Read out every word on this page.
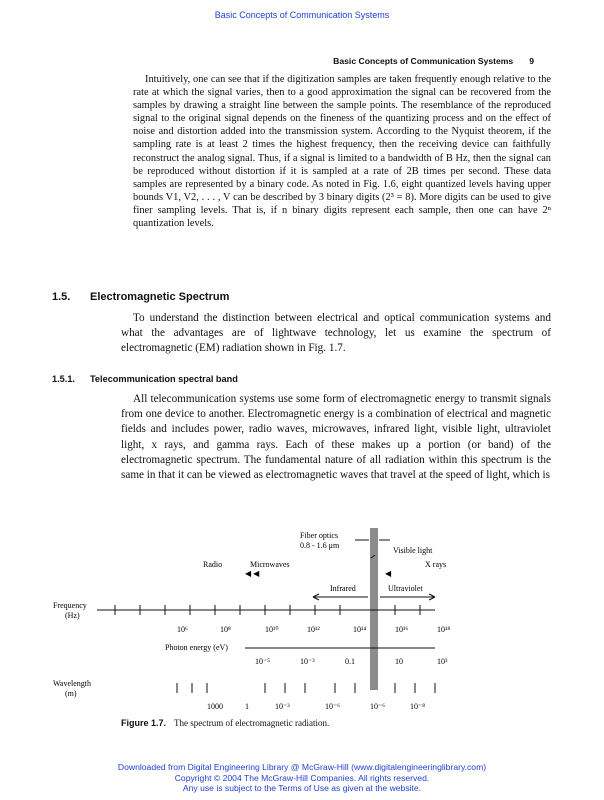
Basic Concepts of Communication Systems
Basic Concepts of Communication Systems 9

Intuitively, one can see that if the digitization samples are taken frequently enough relative to the rate at which the signal varies, then to a good approximation the signal can be recovered from the samples by drawing a straight line between the sample points. The resemblance of the reproduced signal to the original signal depends on the fineness of the quantizing process and on the effect of noise and distortion added into the transmission system. According to the Nyquist theorem, if the sampling rate is at least 2 times the highest frequency, then the receiving device can faithfully reconstruct the analog signal. Thus, if a signal is limited to a bandwidth of B Hz, then the signal can be reproduced without distortion if it is sampled at a rate of 2B times per second. These data samples are represented by a binary code. As noted in Fig. 1.6, eight quantized levels having upper bounds V1, V2, . . . , V can be described by 3 binary digits (2³ = 8). More digits can be used to give finer sampling levels. That is, if n binary digits represent each sample, then one can have 2ⁿ quantization levels.

1.5. Electromagnetic Spectrum

To understand the distinction between electrical and optical communication systems and what the advantages are of lightwave technology, let us examine the spectrum of electromagnetic (EM) radiation shown in Fig. 1.7.

1.5.1. Telecommunication spectral band

All telecommunication systems use some form of electromagnetic energy to transmit signals from one device to another. Electromagnetic energy is a combination of electrical and magnetic fields and includes power, radio waves, microwaves, infrared light, visible light, ultraviolet light, x rays, and gamma rays. Each of these makes up a portion (or band) of the electromagnetic spectrum. The fundamental nature of all radiation within this spectrum is the same in that it can be viewed as electromagnetic waves that travel at the speed of light, which is

Fiber optics
0.8 - 1.6 μm
Visible light
Radio	Microwaves
◀ ◀
X rays
◀
Infrared	Ultraviolet
Frequency
(Hz)
10⁶	10⁸	10¹⁰	10¹²	10¹⁴	10¹⁶	10¹⁸
Photon energy (eV)
10⁻⁵	10⁻³	0.1	10	10³
Wavelength
(m)
1000	1	10⁻³	10⁻⁶	10⁻⁶	10⁻⁸
Figure 1.7. The spectrum of electromagnetic radiation.
Downloaded from Digital Engineering Library @ McGraw-Hill (www.digitalengineeringlibrary.com)
Copyright © 2004 The McGraw-Hill Companies. All rights reserved.
Any use is subject to the Terms of Use as given at the website.
